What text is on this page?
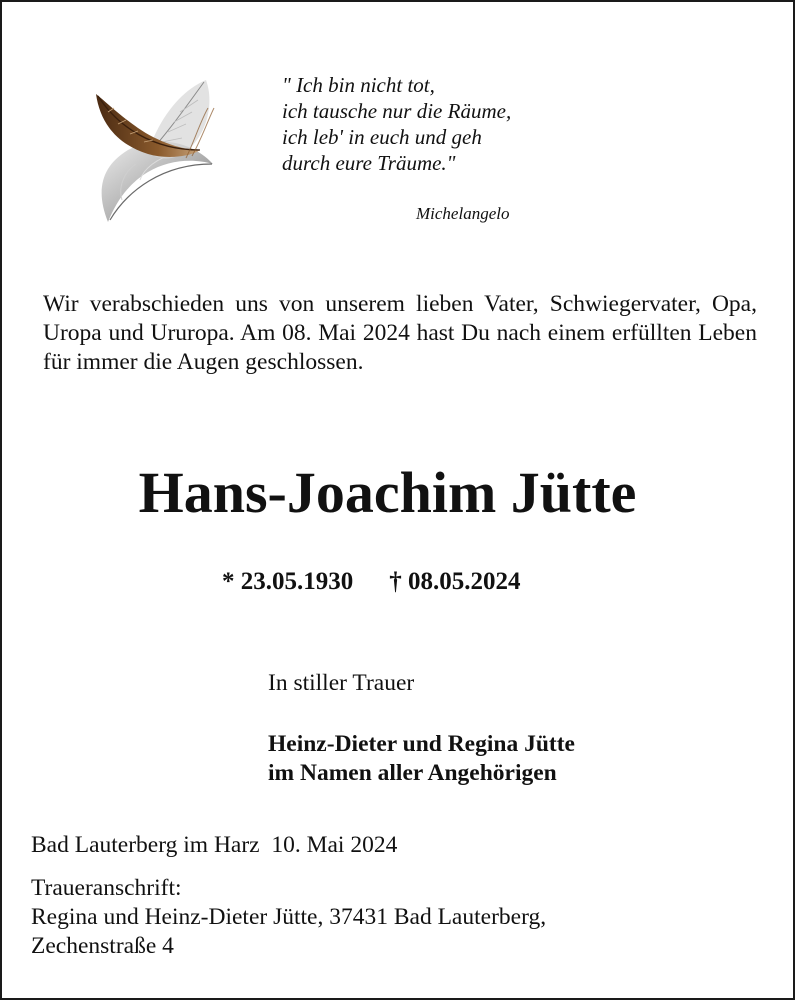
" Ich bin nicht tot,
ich tausche nur die Räume,
ich leb' in euch und geh
durch eure Träume."
Michelangelo

Wir verabschieden uns von unserem lieben Vater, Schwiegervater, Opa, Uropa und Ururopa. Am 08. Mai 2024 hast Du nach einem erfüllten Leben für immer die Augen geschlossen.

Hans-Joachim Jütte
* 23.05.1930 † 08.05.2024
In stiller Trauer
Heinz-Dieter und Regina Jütte
im Namen aller Angehörigen
Bad Lauterberg im Harz  10. Mai 2024
Traueranschrift:
Regina und Heinz-Dieter Jütte, 37431 Bad Lauterberg,
Zechenstraße 4
